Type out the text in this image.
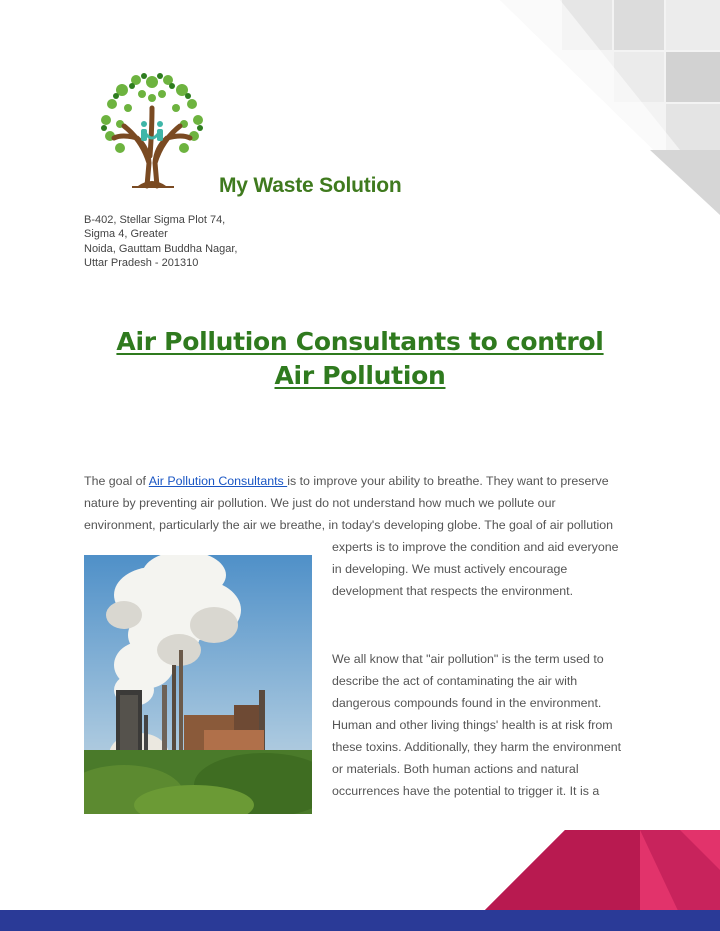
My Waste Solution
B-402, Stellar Sigma Plot 74,
Sigma 4, Greater
Noida, Gauttam Buddha Nagar,
Uttar Pradesh - 201310
Air Pollution Consultants to control
Air Pollution
The goal of Air Pollution Consultants is to improve your ability to breathe. They want to preserve
nature by preventing air pollution. We just do not understand how much we pollute our
environment, particularly the air we breathe, in today's developing globe. The goal of air pollution
experts is to improve the condition and aid everyone
in developing. We must actively encourage
development that respects the environment.
We all know that "air pollution" is the term used to
describe the act of contaminating the air with
dangerous compounds found in the environment.
Human and other living things' health is at risk from
these toxins. Additionally, they harm the environment
or materials. Both human actions and natural
occurrences have the potential to trigger it. It is a
